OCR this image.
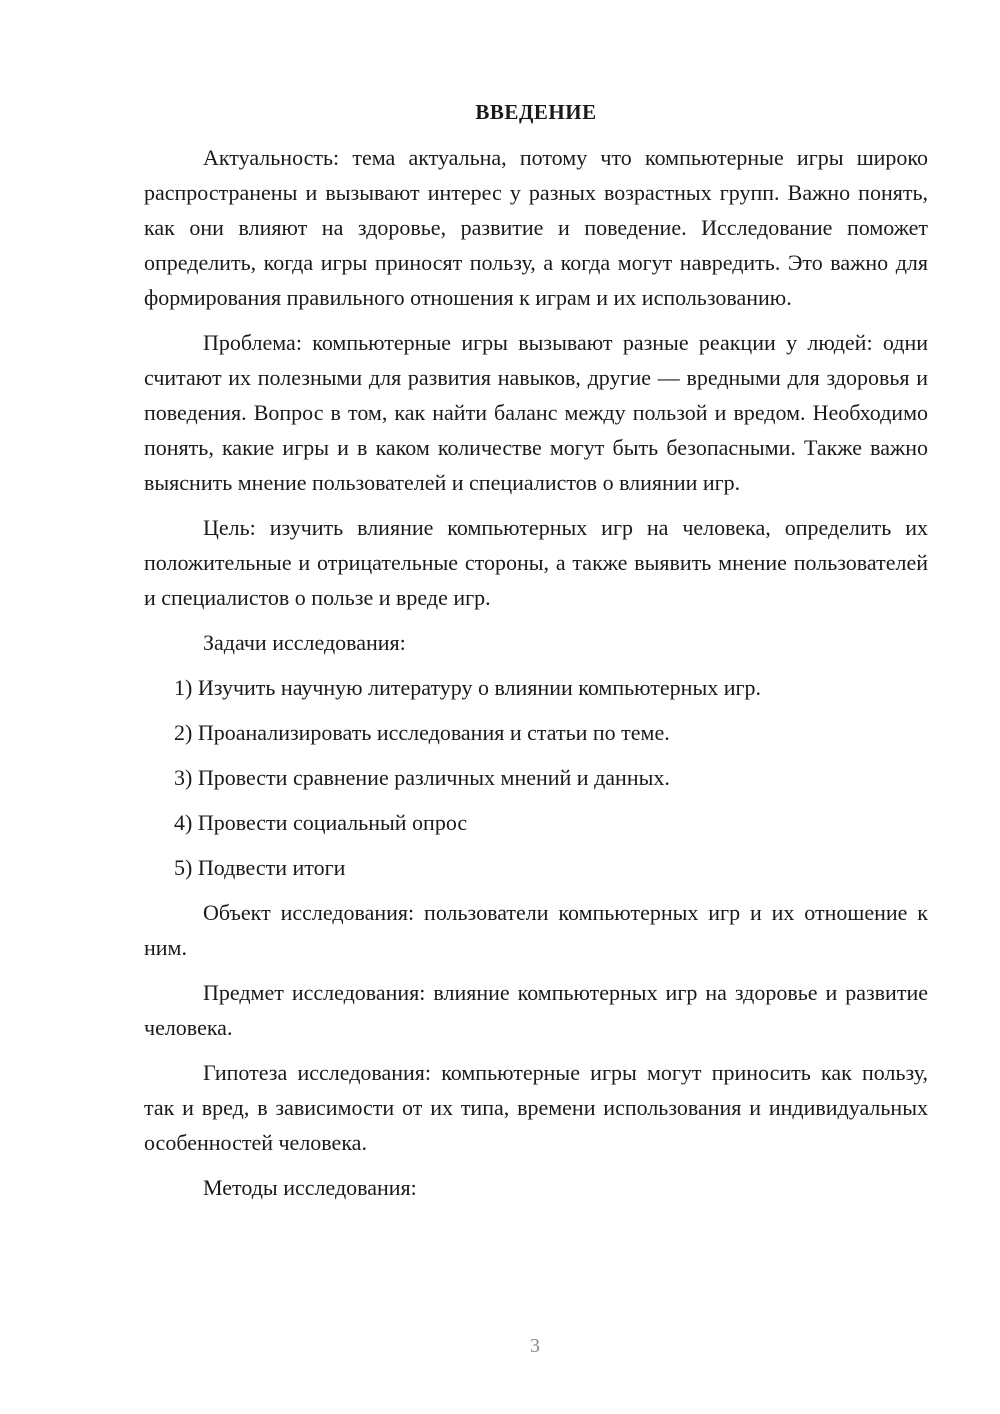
ВВЕДЕНИЕ

Актуальность: тема актуальна, потому что компьютерные игры широко распространены и вызывают интерес у разных возрастных групп. Важно понять, как они влияют на здоровье, развитие и поведение. Исследование поможет определить, когда игры приносят пользу, а когда могут навредить. Это важно для формирования правильного отношения к играм и их использованию.

Проблема: компьютерные игры вызывают разные реакции у людей: одни считают их полезными для развития навыков, другие — вредными для здоровья и поведения. Вопрос в том, как найти баланс между пользой и вредом. Необходимо понять, какие игры и в каком количестве могут быть безопасными. Также важно выяснить мнение пользователей и специалистов о влиянии игр.

Цель: изучить влияние компьютерных игр на человека, определить их положительные и отрицательные стороны, а также выявить мнение пользователей и специалистов о пользе и вреде игр.

Задачи исследования:

1) Изучить научную литературу о влиянии компьютерных игр.
2) Проанализировать исследования и статьи по теме.
3) Провести сравнение различных мнений и данных.
4) Провести социальный опрос
5) Подвести итоги

Объект исследования: пользователи компьютерных игр и их отношение к ним.

Предмет исследования: влияние компьютерных игр на здоровье и развитие человека.

Гипотеза исследования: компьютерные игры могут приносить как пользу, так и вред, в зависимости от их типа, времени использования и индивидуальных особенностей человека.

Методы исследования:

3
